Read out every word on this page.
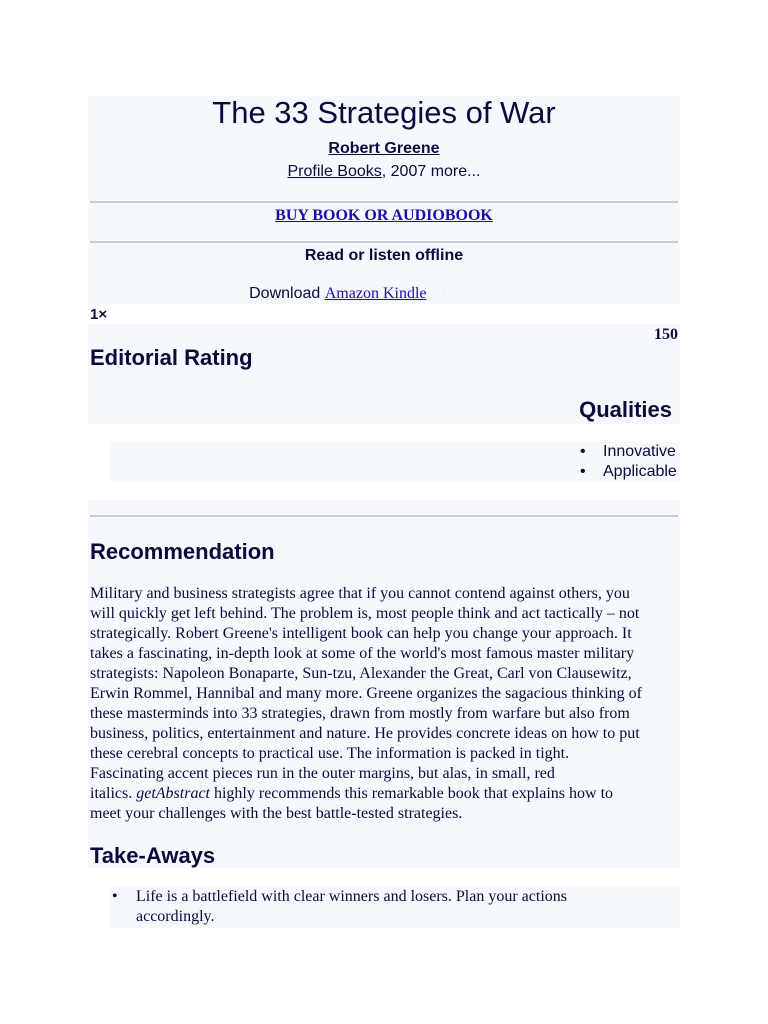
The 33 Strategies of War
Robert Greene
Profile Books, 2007 more...
BUY BOOK OR AUDIOBOOK
Read or listen offline
Download Amazon Kindle e-book reader
1×
150
Editorial Rating
Qualities
• Innovative
• Applicable
Recommendation
Military and business strategists agree that if you cannot contend against others, you
will quickly get left behind. The problem is, most people think and act tactically – not
strategically. Robert Greene's intelligent book can help you change your approach. It
takes a fascinating, in-depth look at some of the world's most famous master military
strategists: Napoleon Bonaparte, Sun-tzu, Alexander the Great, Carl von Clausewitz,
Erwin Rommel, Hannibal and many more. Greene organizes the sagacious thinking of
these masterminds into 33 strategies, drawn from mostly from warfare but also from
business, politics, entertainment and nature. He provides concrete ideas on how to put
these cerebral concepts to practical use. The information is packed in tight.
Fascinating accent pieces run in the outer margins, but alas, in small, red
italics. getAbstract highly recommends this remarkable book that explains how to
meet your challenges with the best battle-tested strategies.
Take-Aways
• Life is a battlefield with clear winners and losers. Plan your actions
accordingly.
